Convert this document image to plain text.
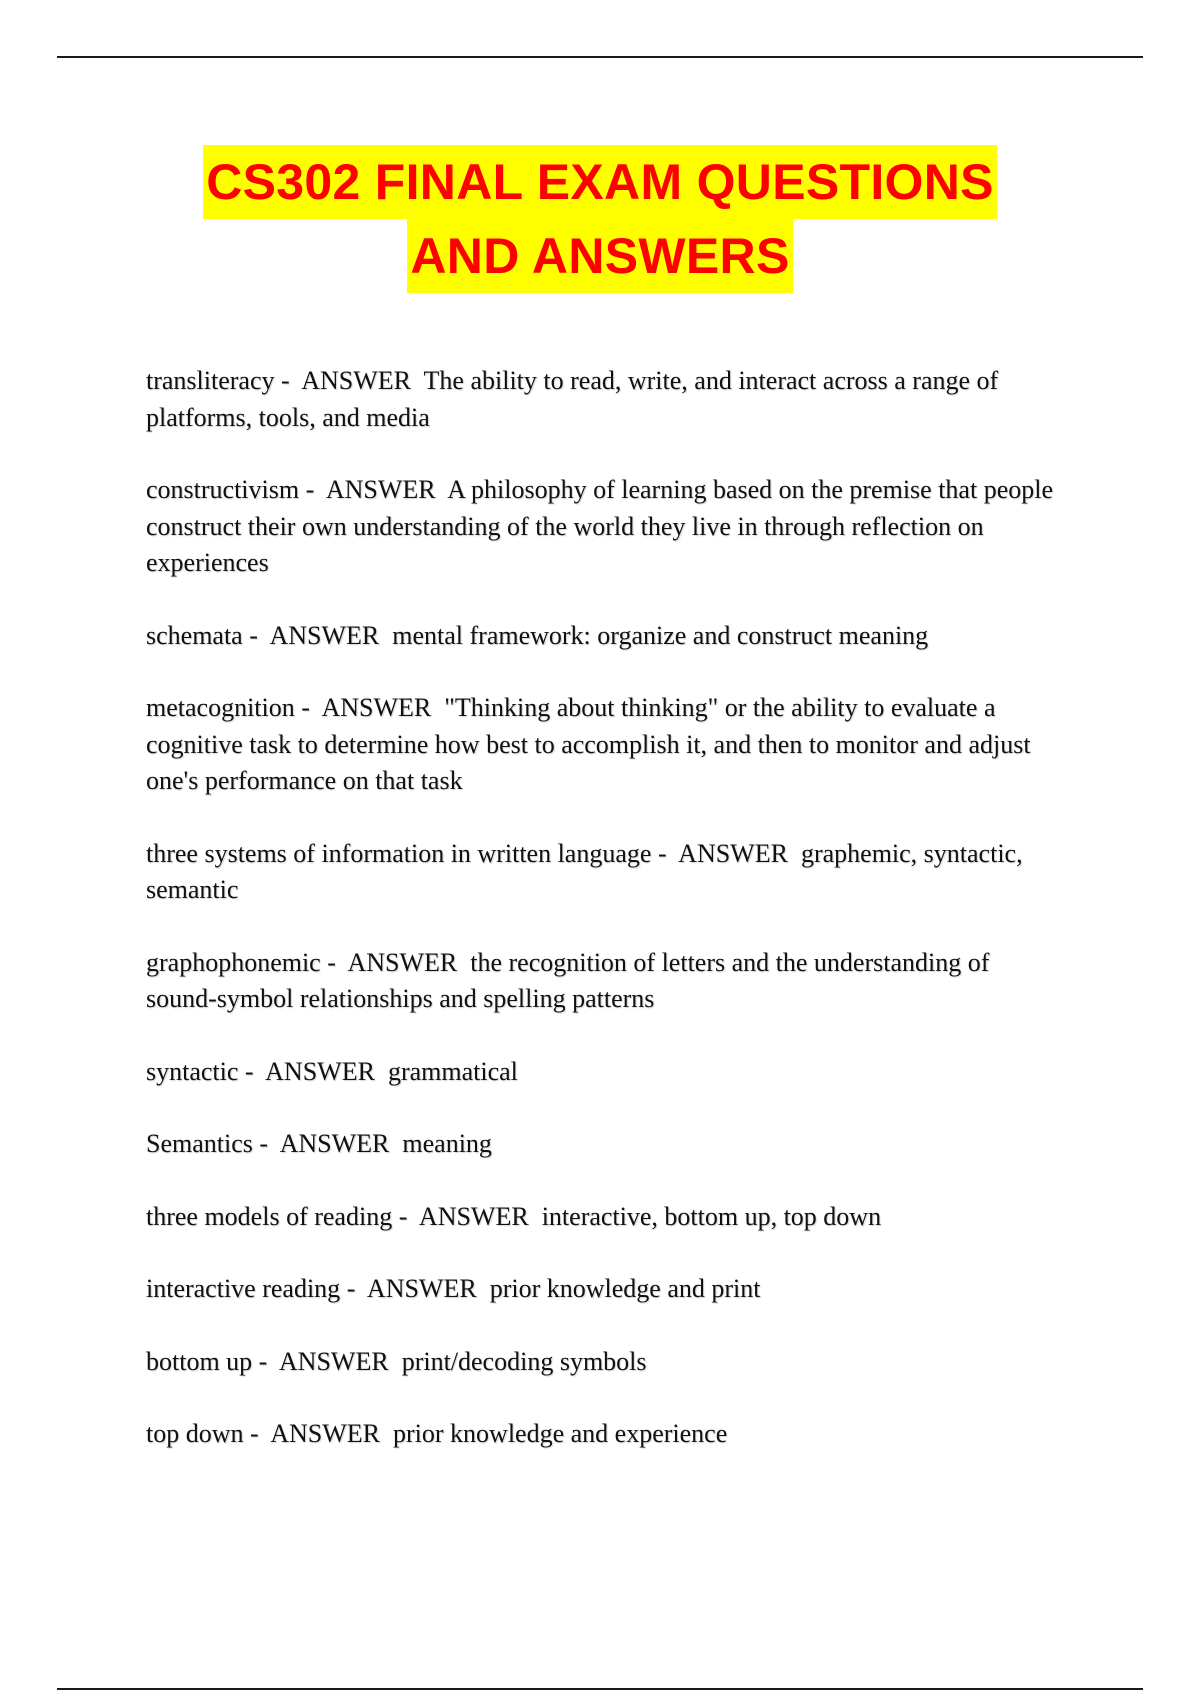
CS302 FINAL EXAM QUESTIONS
AND ANSWERS

transliteracy -  ANSWER The ability to read, write, and interact across a range of platforms, tools, and media

constructivism -  ANSWER A philosophy of learning based on the premise that people construct their own understanding of the world they live in through reflection on experiences

schemata -  ANSWER mental framework: organize and construct meaning

metacognition -  ANSWER "Thinking about thinking" or the ability to evaluate a cognitive task to determine how best to accomplish it, and then to monitor and adjust one's performance on that task

three systems of information in written language -  ANSWER graphemic, syntactic, semantic

graphophonemic -  ANSWER the recognition of letters and the understanding of sound-symbol relationships and spelling patterns

syntactic -  ANSWER grammatical

Semantics -  ANSWER meaning

three models of reading -  ANSWER interactive, bottom up, top down

interactive reading -  ANSWER prior knowledge and print

bottom up -  ANSWER print/decoding symbols

top down -  ANSWER prior knowledge and experience
